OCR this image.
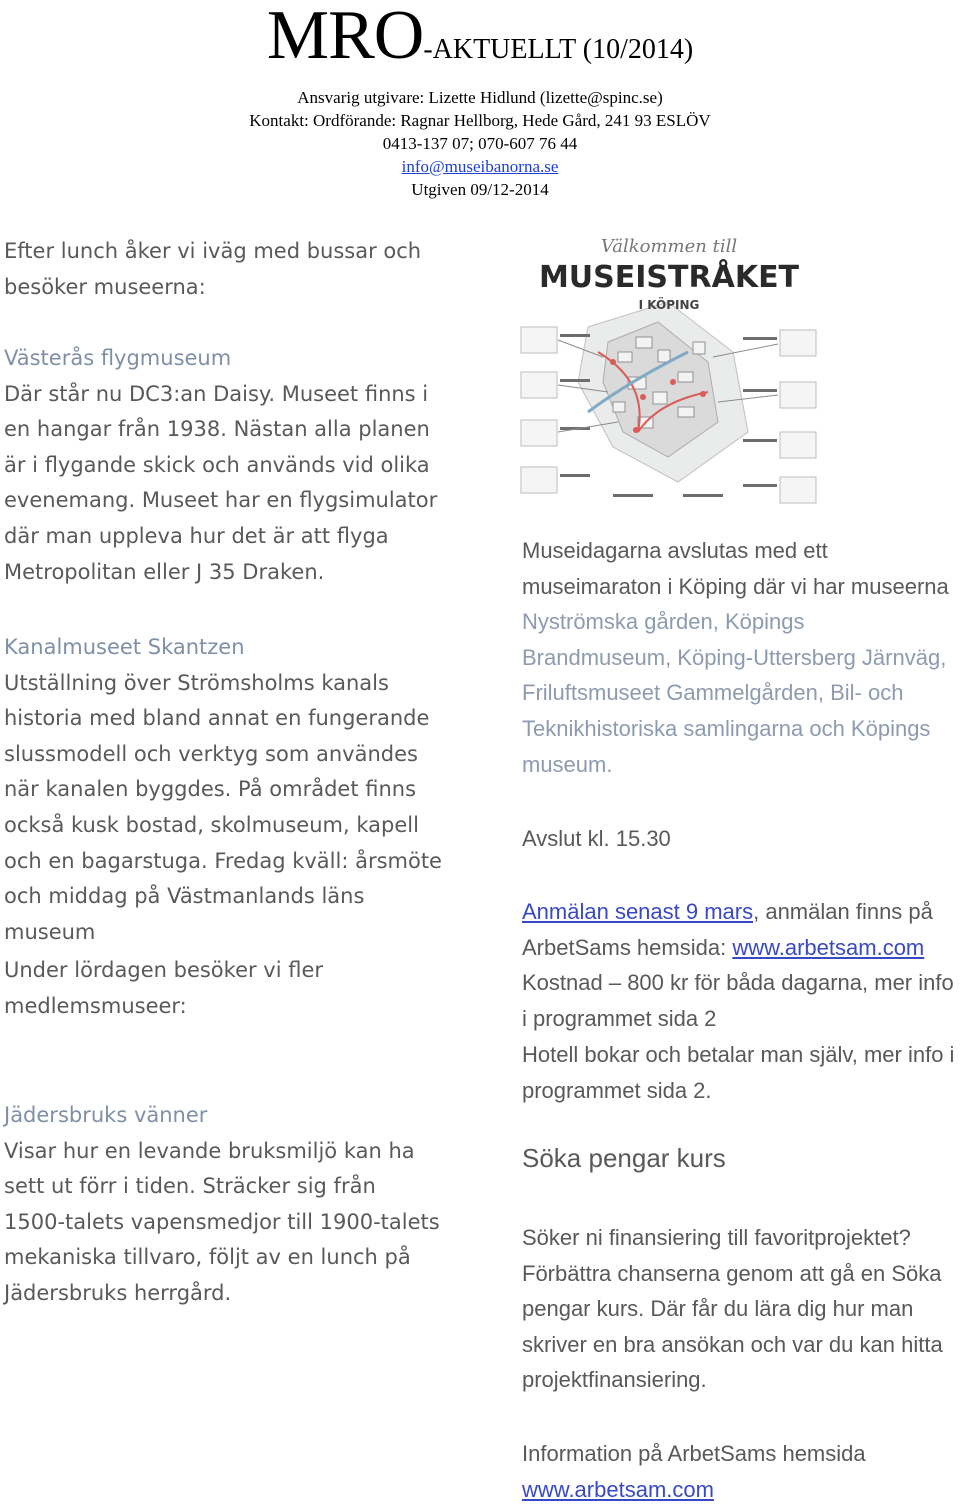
MRO-AKTUELLT (10/2014)
Ansvarig utgivare: Lizette Hidlund (lizette@spinc.se)
Kontakt: Ordförande: Ragnar Hellborg, Hede Gård, 241 93 ESLÖV
0413-137 07; 070-607 76 44
info@museibanorna.se
Utgiven 09/12-2014
Efter lunch åker vi iväg med bussar och besöker museerna:
Västerås flygmuseum
Där står nu DC3:an Daisy. Museet finns i en hangar från 1938. Nästan alla planen är i flygande skick och används vid olika evenemang. Museet har en flygsimulator där man uppleva hur det är att flyga Metropolitan eller J 35 Draken.
Kanalmuseet Skantzen
Utställning över Strömsholms kanals historia med bland annat en fungerande slussmodell och verktyg som användes när kanalen byggdes. På området finns också kusk bostad, skolmuseum, kapell och en bagarstuga. Fredag kväll: årsmöte och middag på Västmanlands läns museum
Under lördagen besöker vi fler medlemsmuseer:
Jädersbruks vänner
Visar hur en levande bruksmiljö kan ha sett ut förr i tiden. Sträcker sig från 1500-talets vapensmedjor till 1900-talets mekaniska tillvaro, följt av en lunch på Jädersbruks herrgård.
Välkommen till
MUSEISTRÅKET
I KÖPING
Museidagarna avslutas med ett museimaraton i Köping där vi har museerna Nyströmska gården, Köpings Brandmuseum, Köping-Uttersberg Järnväg, Friluftsmuseet Gammelgården, Bil- och Teknikhistoriska samlingarna och Köpings museum.
Avslut kl. 15.30
Anmälan senast 9 mars, anmälan finns på ArbetSams hemsida: www.arbetsam.com
Kostnad – 800 kr för båda dagarna, mer info i programmet sida 2
Hotell bokar och betalar man själv, mer info i programmet sida 2.
Söka pengar kurs
Söker ni finansiering till favoritprojektet? Förbättra chanserna genom att gå en Söka pengar kurs. Där får du lära dig hur man skriver en bra ansökan och var du kan hitta projektfinansiering.
Information på ArbetSams hemsida
www.arbetsam.com
